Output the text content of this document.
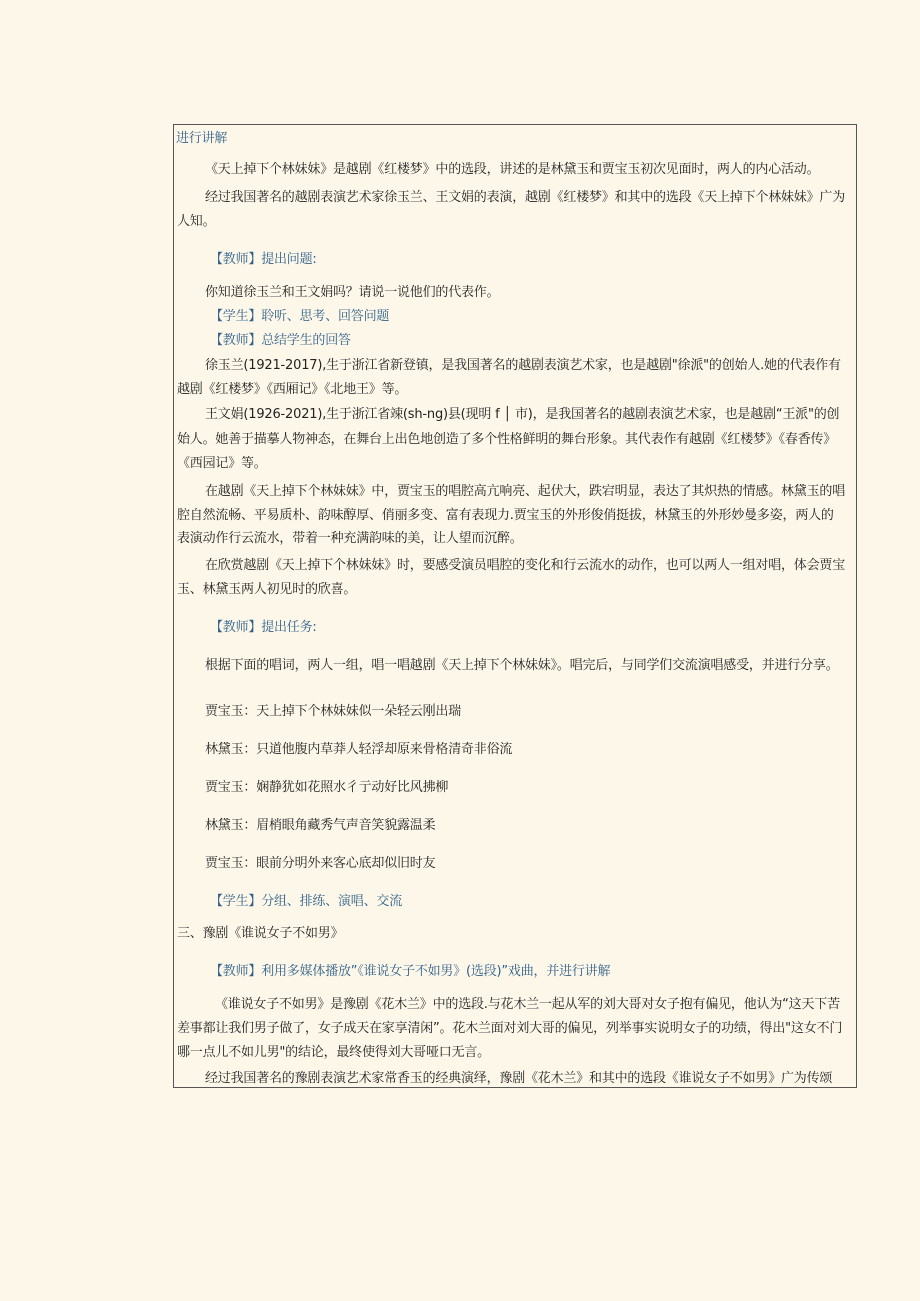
进行讲解
《天上掉下个林妹妹》是越剧《红楼梦》中的选段，讲述的是林黛玉和贾宝玉初次见面时，两人的内心活动。
经过我国著名的越剧表演艺术家徐玉兰、王文娟的表演，越剧《红楼梦》和其中的选段《天上掉下个林妹妹》广为
人知。
【教师】提出问题:
你知道徐玉兰和王文娟吗？请说一说他们的代表作。
【学生】聆听、思考、回答问题
【教师】总结学生的回答
徐玉兰(1921-2017),生于浙江省新登镇，是我国著名的越剧表演艺术家，也是越剧"徐派"的创始人.她的代表作有
越剧《红楼梦》《西厢记》《北地王》等。
王文娟(1926-2021),生于浙江省竦(sh-ng)县(现明 f │ 市)，是我国著名的越剧表演艺术家，也是越剧“王派"的创
始人。她善于描摹人物神态，在舞台上出色地创造了多个性格鲜明的舞台形象。其代表作有越剧《红楼梦》《春香传》
《西园记》等。
在越剧《天上掉下个林妹妹》中，贾宝玉的唱腔高亢响亮、起伏大，跌宕明显，表达了其炽热的情感。林黛玉的唱
腔自然流畅、平易质朴、韵味醇厚、俏丽多变、富有表现力.贾宝玉的外形俊俏挺拔，林黛玉的外形妙曼多姿，两人的
表演动作行云流水，带着一种充满韵味的美，让人望而沉醉。
在欣赏越剧《天上掉下个林妹妹》时，要感受演员唱腔的变化和行云流水的动作，也可以两人一组对唱，体会贾宝
玉、林黛玉两人初见时的欣喜。
【教师】提出任务:
根据下面的唱词，两人一组，唱一唱越剧《天上掉下个林妹妹》。唱完后，与同学们交流演唱感受，并进行分享。
贾宝玉：天上掉下个林妹妹似一朵轻云刚出瑞
林黛玉：只道他腹内草莽人轻浮却原来骨格清奇非俗流
贾宝玉：娴静犹如花照水彳亍动好比风拂柳
林黛玉：眉梢眼角藏秀气声音笑貌露温柔
贾宝玉：眼前分明外来客心底却似旧时友
【学生】分组、排练、演唱、交流
三、豫剧《谁说女子不如男》
【教师】利用多媒体播放”《谁说女子不如男》(选段)”戏曲，并进行讲解
《谁说女子不如男》是豫剧《花木兰》中的选段.与花木兰一起从军的刘大哥对女子抱有偏见，他认为“这天下苦
差事都让我们男子做了，女子成天在家享清闲”。花木兰面对刘大哥的偏见，列举事实说明女子的功绩，得出"这女不门
哪一点儿不如儿男"的结论，最终使得刘大哥哑口无言。
经过我国著名的豫剧表演艺术家常香玉的经典演绎，豫剧《花木兰》和其中的选段《谁说女子不如男》广为传颂
